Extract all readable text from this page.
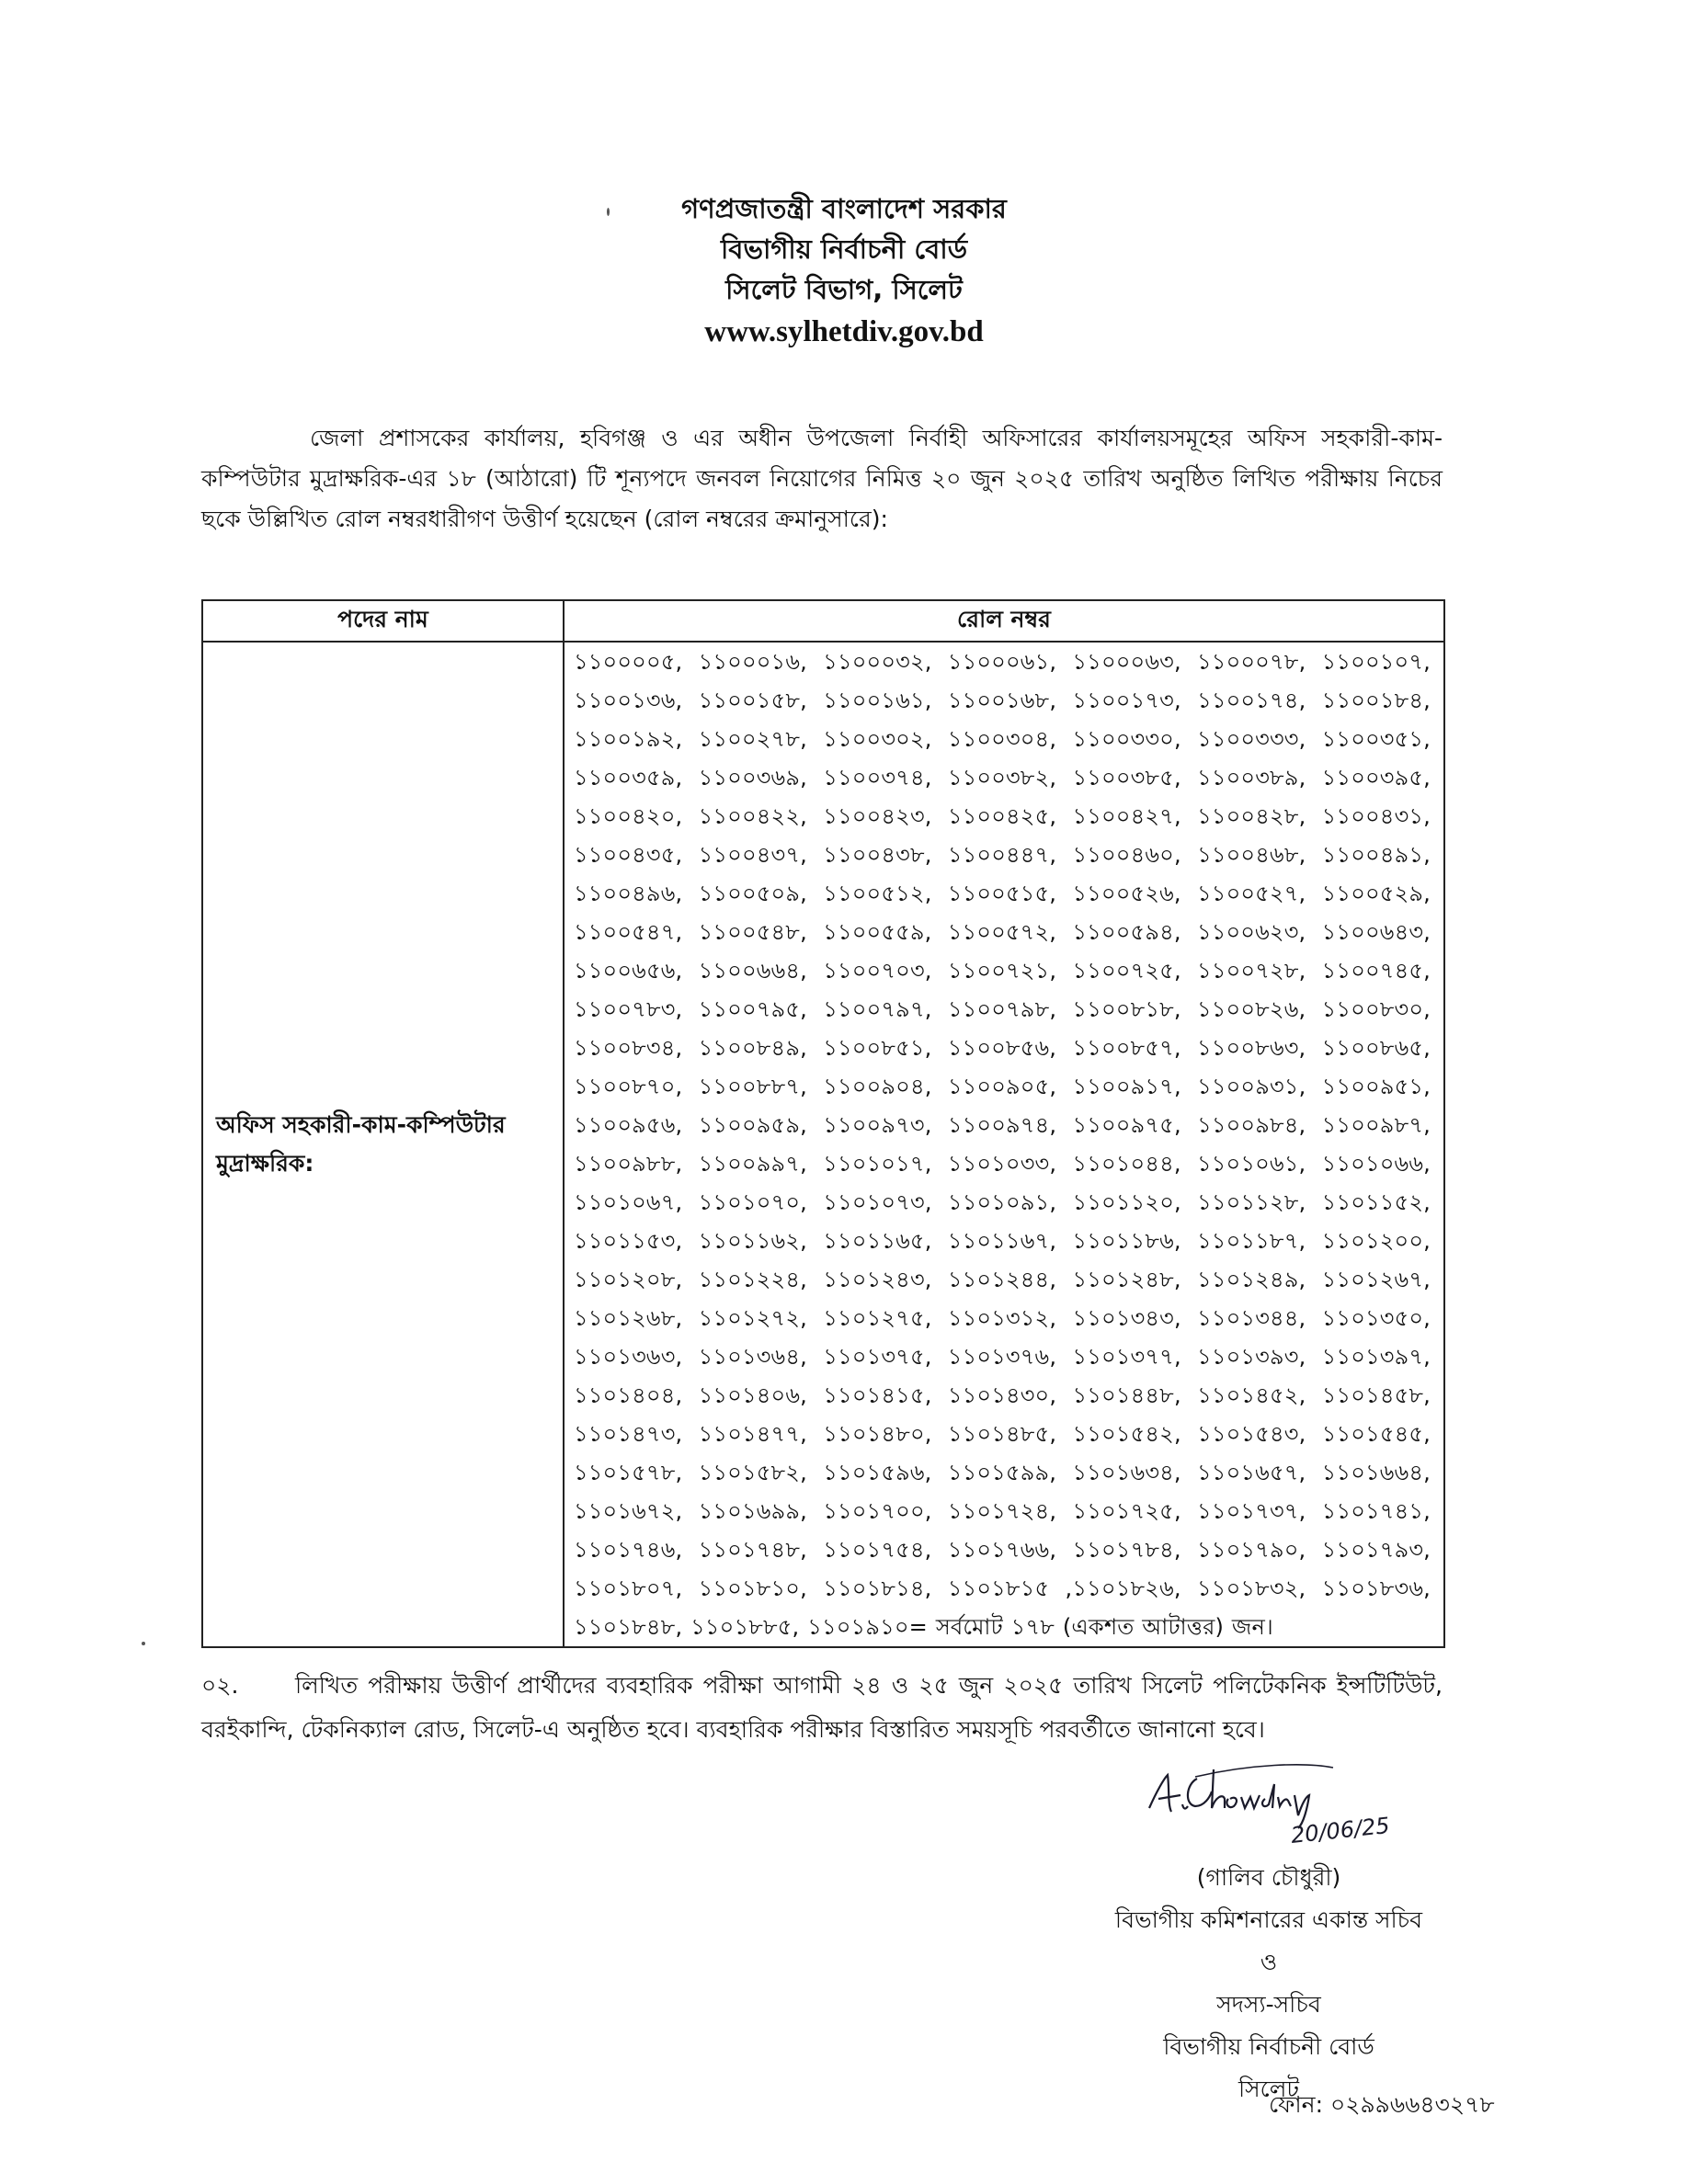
গণপ্রজাতন্ত্রী বাংলাদেশ সরকার
বিভাগীয় নির্বাচনী বোর্ড
সিলেট বিভাগ, সিলেট
www.sylhetdiv.gov.bd
জেলা প্রশাসকের কার্যালয়, হবিগঞ্জ ও এর অধীন উপজেলা নির্বাহী অফিসারের কার্যালয়সমূহের অফিস সহকারী-কাম-কম্পিউটার মুদ্রাক্ষরিক-এর ১৮ (আঠারো) টি শূন্যপদে জনবল নিয়োগের নিমিত্ত ২০ জুন ২০২৫ তারিখ অনুষ্ঠিত লিখিত পরীক্ষায় নিচের ছকে উল্লিখিত রোল নম্বরধারীগণ উত্তীর্ণ হয়েছেন (রোল নম্বরের ক্রমানুসারে):
পদের নাম	রোল নম্বর

অফিস সহকারী-কাম-কম্পিউটার মুদ্রাক্ষরিক:	১১০০০০৫, ১১০০০১৬, ১১০০০৩২, ১১০০০৬১, ১১০০০৬৩, ১১০০০৭৮, ১১০০১০৭, ১১০০১৩৬, ১১০০১৫৮, ১১০০১৬১, ১১০০১৬৮, ১১০০১৭৩, ১১০০১৭৪, ১১০০১৮৪, ১১০০১৯২, ১১০০২৭৮, ১১০০৩০২, ১১০০৩০৪, ১১০০৩৩০, ১১০০৩৩৩, ১১০০৩৫১, ১১০০৩৫৯, ১১০০৩৬৯, ১১০০৩৭৪, ১১০০৩৮২, ১১০০৩৮৫, ১১০০৩৮৯, ১১০০৩৯৫, ১১০০৪২০, ১১০০৪২২, ১১০০৪২৩, ১১০০৪২৫, ১১০০৪২৭, ১১০০৪২৮, ১১০০৪৩১, ১১০০৪৩৫, ১১০০৪৩৭, ১১০০৪৩৮, ১১০০৪৪৭, ১১০০৪৬০, ১১০০৪৬৮, ১১০০৪৯১, ১১০০৪৯৬, ১১০০৫০৯, ১১০০৫১২, ১১০০৫১৫, ১১০০৫২৬, ১১০০৫২৭, ১১০০৫২৯, ১১০০৫৪৭, ১১০০৫৪৮, ১১০০৫৫৯, ১১০০৫৭২, ১১০০৫৯৪, ১১০০৬২৩, ১১০০৬৪৩, ১১০০৬৫৬, ১১০০৬৬৪, ১১০০৭০৩, ১১০০৭২১, ১১০০৭২৫, ১১০০৭২৮, ১১০০৭৪৫, ১১০০৭৮৩, ১১০০৭৯৫, ১১০০৭৯৭, ১১০০৭৯৮, ১১০০৮১৮, ১১০০৮২৬, ১১০০৮৩০, ১১০০৮৩৪, ১১০০৮৪৯, ১১০০৮৫১, ১১০০৮৫৬, ১১০০৮৫৭, ১১০০৮৬৩, ১১০০৮৬৫, ১১০০৮৭০, ১১০০৮৮৭, ১১০০৯০৪, ১১০০৯০৫, ১১০০৯১৭, ১১০০৯৩১, ১১০০৯৫১, ১১০০৯৫৬, ১১০০৯৫৯, ১১০০৯৭৩, ১১০০৯৭৪, ১১০০৯৭৫, ১১০০৯৮৪, ১১০০৯৮৭, ১১০০৯৮৮, ১১০০৯৯৭, ১১০১০১৭, ১১০১০৩৩, ১১০১০৪৪, ১১০১০৬১, ১১০১০৬৬, ১১০১০৬৭, ১১০১০৭০, ১১০১০৭৩, ১১০১০৯১, ১১০১১২০, ১১০১১২৮, ১১০১১৫২, ১১০১১৫৩, ১১০১১৬২, ১১০১১৬৫, ১১০১১৬৭, ১১০১১৮৬, ১১০১১৮৭, ১১০১২০০, ১১০১২০৮, ১১০১২২৪, ১১০১২৪৩, ১১০১২৪৪, ১১০১২৪৮, ১১০১২৪৯, ১১০১২৬৭, ১১০১২৬৮, ১১০১২৭২, ১১০১২৭৫, ১১০১৩১২, ১১০১৩৪৩, ১১০১৩৪৪, ১১০১৩৫০, ১১০১৩৬৩, ১১০১৩৬৪, ১১০১৩৭৫, ১১০১৩৭৬, ১১০১৩৭৭, ১১০১৩৯৩, ১১০১৩৯৭, ১১০১৪০৪, ১১০১৪০৬, ১১০১৪১৫, ১১০১৪৩০, ১১০১৪৪৮, ১১০১৪৫২, ১১০১৪৫৮, ১১০১৪৭৩, ১১০১৪৭৭, ১১০১৪৮০, ১১০১৪৮৫, ১১০১৫৪২, ১১০১৫৪৩, ১১০১৫৪৫, ১১০১৫৭৮, ১১০১৫৮২, ১১০১৫৯৬, ১১০১৫৯৯, ১১০১৬৩৪, ১১০১৬৫৭, ১১০১৬৬৪, ১১০১৬৭২, ১১০১৬৯৯, ১১০১৭০০, ১১০১৭২৪, ১১০১৭২৫, ১১০১৭৩৭, ১১০১৭৪১, ১১০১৭৪৬, ১১০১৭৪৮, ১১০১৭৫৪, ১১০১৭৬৬, ১১০১৭৮৪, ১১০১৭৯০, ১১০১৭৯৩, ১১০১৮০৭, ১১০১৮১০, ১১০১৮১৪, ১১০১৮১৫ ,১১০১৮২৬, ১১০১৮৩২, ১১০১৮৩৬, ১১০১৮৪৮, ১১০১৮৮৫, ১১০১৯১০= সর্বমোট ১৭৮ (একশত আটাত্তর) জন।
০২. লিখিত পরীক্ষায় উত্তীর্ণ প্রার্থীদের ব্যবহারিক পরীক্ষা আগামী ২৪ ও ২৫ জুন ২০২৫ তারিখ সিলেট পলিটেকনিক ইন্সটিটিউট, বরইকান্দি, টেকনিক্যাল রোড, সিলেট-এ অনুষ্ঠিত হবে। ব্যবহারিক পরীক্ষার বিস্তারিত সময়সূচি পরবর্তীতে জানানো হবে।
20/06/25
(গালিব চৌধুরী)
বিভাগীয় কমিশনারের একান্ত সচিব
ও
সদস্য-সচিব
বিভাগীয় নির্বাচনী বোর্ড
সিলেট
ফোন: ০২৯৯৬৬৪৩২৭৮
